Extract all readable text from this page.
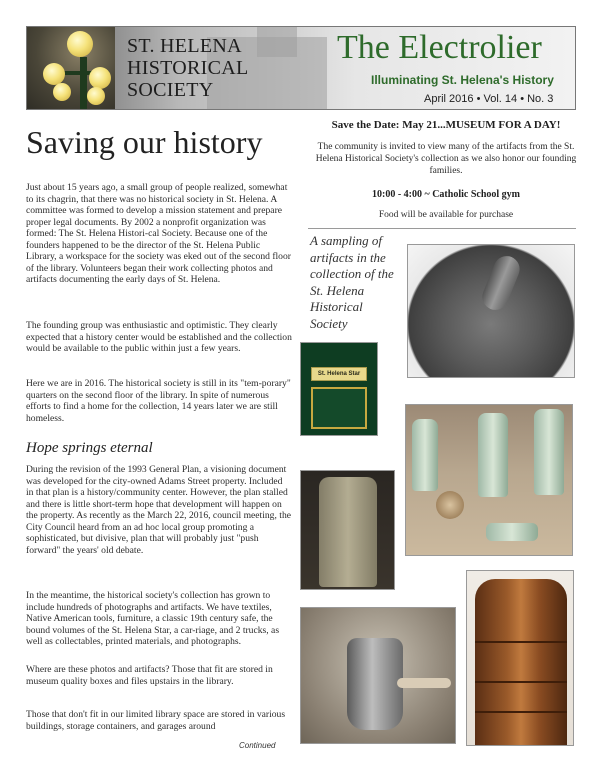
ST. HELENA
HISTORICAL
SOCIETY
The Electrolier
Illuminating St. Helena's History
April 2016 • Vol. 14 • No. 3
Saving our history

Just about 15 years ago, a small group of people realized, somewhat to its chagrin, that there was no historical society in St. Helena. A committee was formed to develop a mission statement and prepare proper legal documents. By 2002 a nonprofit organization was formed: The St. Helena Histori-cal Society. Because one of the founders happened to be the director of the St. Helena Public Library, a workspace for the society was eked out of the second floor of the library. Volunteers began their work collecting photos and artifacts documenting the early days of St. Helena.

The founding group was enthusiastic and optimistic. They clearly expected that a history center would be established and the collection would be available to the public within just a few years.

Here we are in 2016. The historical society is still in its "tem-porary" quarters on the second floor of the library. In spite of numerous efforts to find a home for the collection, 14 years later we are still homeless.

Hope springs eternal

During the revision of the 1993 General Plan, a visioning document was developed for the city-owned Adams Street property. Included in that plan is a history/community center. However, the plan stalled and there is little short-term hope that development will happen on the property. As recently as the March 22, 2016, council meeting, the City Council heard from an ad hoc local group promoting a sophisticated, but divisive, plan that will probably just "push forward" the years' old debate.

In the meantime, the historical society's collection has grown to include hundreds of photographs and artifacts. We have textiles, Native American tools, furniture, a classic 19th century safe, the bound volumes of the St. Helena Star, a car-riage, and 2 trucks, as well as collectables, printed materials, and photographs.

Where are these photos and artifacts? Those that fit are stored in museum quality boxes and files upstairs in the library.

Those that don't fit in our limited library space are stored in various buildings, storage containers, and garages around

Continued
Save the Date: May 21...MUSEUM FOR A DAY!

The community is invited to view many of the artifacts from the St. Helena Historical Society's collection as we also honor our founding families.

10:00 - 4:00 ~ Catholic School gym
Food will be available for purchase

A sampling of artifacts in the collection of the St. Helena Historical Society

St. Helena Star
